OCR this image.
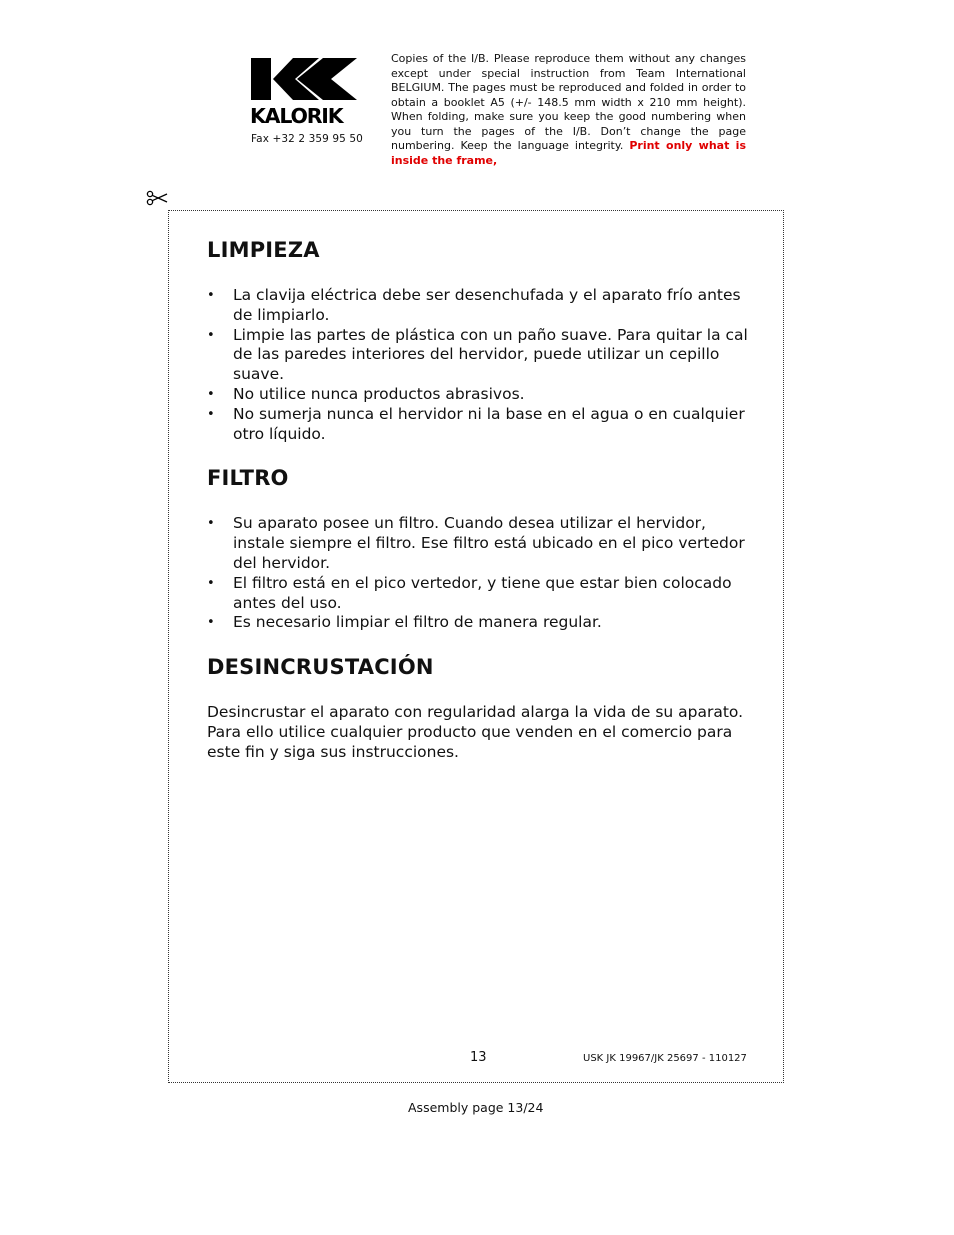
KALORIK
Fax +32 2 359 95 50
Copies of the I/B. Please reproduce them without any changes except under special instruction from Team International BELGIUM. The pages must be reproduced and folded in order to obtain a booklet A5 (+/- 148.5 mm width x 210 mm height). When folding, make sure you keep the good numbering when you turn the pages of the I/B. Don’t change the page numbering. Keep the language integrity. Print only what is inside the frame,
LIMPIEZA
• La clavija eléctrica debe ser desenchufada y el aparato frío antes de limpiarlo.
• Limpie las partes de plástica con un paño suave. Para quitar la cal de las paredes interiores del hervidor, puede utilizar un cepillo suave.
• No utilice nunca productos abrasivos.
• No sumerja nunca el hervidor ni la base en el agua o en cualquier otro líquido.
FILTRO
• Su aparato posee un filtro. Cuando desea utilizar el hervidor, instale siempre el filtro. Ese filtro está ubicado en el pico vertedor del hervidor.
• El filtro está en el pico vertedor, y tiene que estar bien colocado antes del uso.
• Es necesario limpiar el filtro de manera regular.
DESINCRUSTACIÓN

Desincrustar el aparato con regularidad alarga la vida de su aparato. Para ello utilice cualquier producto que venden en el comercio para este fin y siga sus instrucciones.

13	USK JK 19967/JK 25697 - 110127
Assembly page 13/24
